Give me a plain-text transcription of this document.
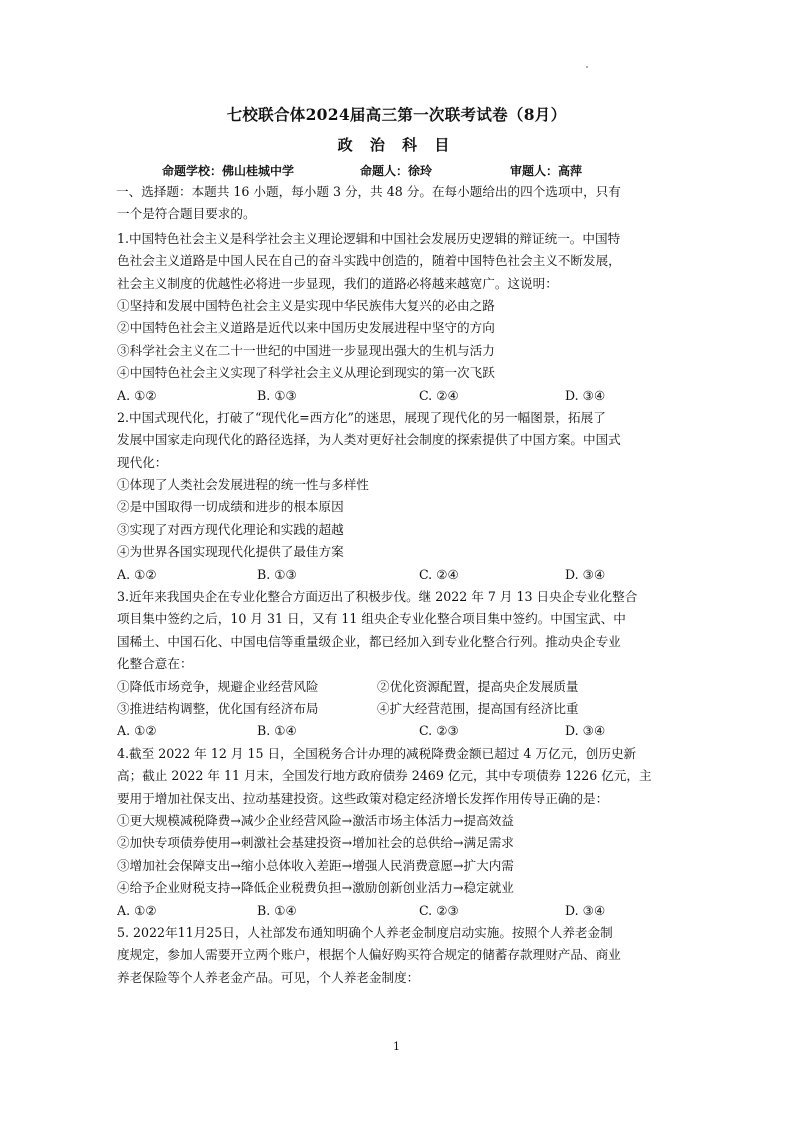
七校联合体2024届高三第一次联考试卷（8月）
政 治 科 目
命题学校：佛山桂城中学	命题人：徐玲	审题人：高萍
一、选择题：本题共 16 小题，每小题 3 分，共 48 分。在每小题给出的四个选项中，只有
一个是符合题目要求的。
1.中国特色社会主义是科学社会主义理论逻辑和中国社会发展历史逻辑的辩证统一。中国特
色社会主义道路是中国人民在自己的奋斗实践中创造的，随着中国特色社会主义不断发展，
社会主义制度的优越性必将进一步显现，我们的道路必将越来越宽广。这说明：
①坚持和发展中国特色社会主义是实现中华民族伟大复兴的必由之路
②中国特色社会主义道路是近代以来中国历史发展进程中坚守的方向
③科学社会主义在二十一世纪的中国进一步显现出强大的生机与活力
④中国特色社会主义实现了科学社会主义从理论到现实的第一次飞跃
A. ①②	B. ①③	C. ②④	D. ③④
2.中国式现代化，打破了“现代化=西方化”的迷思，展现了现代化的另一幅图景，拓展了
发展中国家走向现代化的路径选择，为人类对更好社会制度的探索提供了中国方案。中国式
现代化：
①体现了人类社会发展进程的统一性与多样性
②是中国取得一切成绩和进步的根本原因
③实现了对西方现代化理论和实践的超越
④为世界各国实现现代化提供了最佳方案
A. ①②	B. ①③	C. ②④	D. ③④
3.近年来我国央企在专业化整合方面迈出了积极步伐。继 2022 年 7 月 13 日央企专业化整合
项目集中签约之后，10 月 31 日，又有 11 组央企专业化整合项目集中签约。中国宝武、中
国稀土、中国石化、中国电信等重量级企业，都已经加入到专业化整合行列。推动央企专业
化整合意在：
①降低市场竞争，规避企业经营风险	②优化资源配置，提高央企发展质量
③推进结构调整，优化国有经济布局	④扩大经营范围，提高国有经济比重
A. ①②	B. ①④	C. ②③	D. ③④
4.截至 2022 年 12 月 15 日，全国税务合计办理的减税降费金额已超过 4 万亿元，创历史新
高；截止 2022 年 11 月末，全国发行地方政府债券 2469 亿元，其中专项债券 1226 亿元，主
要用于增加社保支出、拉动基建投资。这些政策对稳定经济增长发挥作用传导正确的是：
①更大规模减税降费→减少企业经营风险→激活市场主体活力→提高效益
②加快专项债券使用→刺激社会基建投资→增加社会的总供给→满足需求
③增加社会保障支出→缩小总体收入差距→增强人民消费意愿→扩大内需
④给予企业财税支持→降低企业税费负担→激励创新创业活力→稳定就业
A. ①②	B. ①④	C. ②③	D. ③④
5. 2022年11月25日，人社部发布通知明确个人养老金制度启动实施。按照个人养老金制
度规定，参加人需要开立两个账户，根据个人偏好购买符合规定的储蓄存款理财产品、商业
养老保险等个人养老金产品。可见，个人养老金制度：
1
